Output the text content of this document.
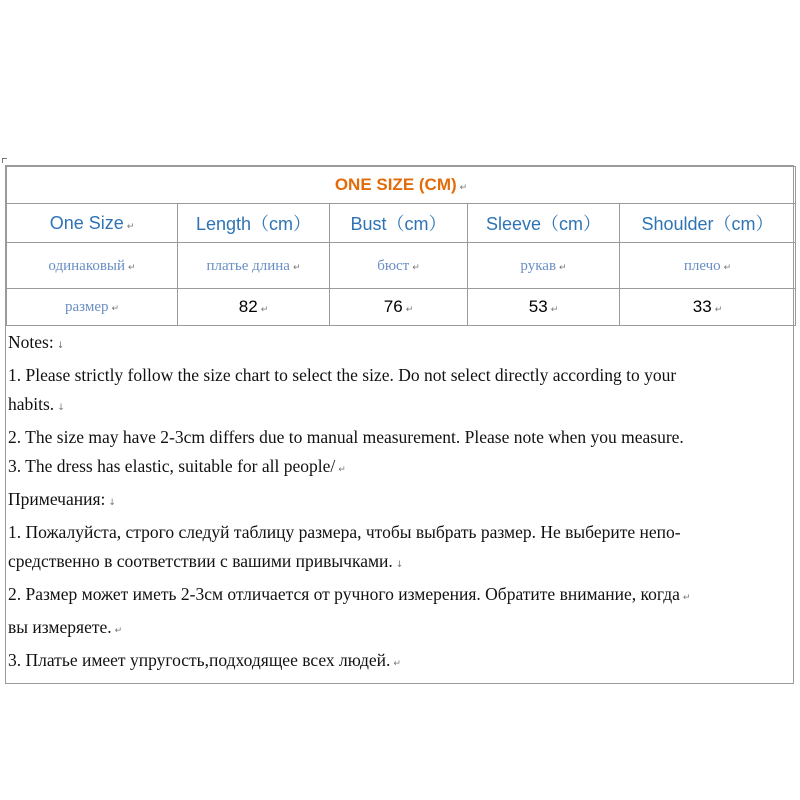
ONE SIZE (CM) ↵				
One Size ↵	Length（cm）	Bust（cm）	Sleeve（cm）	Shoulder（cm）
одинаковый ↵	платье длина ↵	бюст ↵	рукав ↵	плечо ↵
размер ↵	82 ↵	76 ↵	53 ↵	33 ↵
Notes: ↓
1. Please strictly follow the size chart to select the size. Do not select directly according to your
habits. ↓
2. The size may have 2-3cm differs due to manual measurement. Please note when you measure.
3. The dress has elastic, suitable for all people/ ↵
Примечания: ↓
1. Пожалуйста, строго следуй таблицу размера, чтобы выбрать размер. Не выберите непо-
средственно в соответствии с вашими привычками. ↓
2. Размер может иметь 2-3см отличается от ручного измерения. Обратите внимание, когда ↵
вы измеряете. ↵
3. Платье имеет упругость,подходящее всех людей. ↵
